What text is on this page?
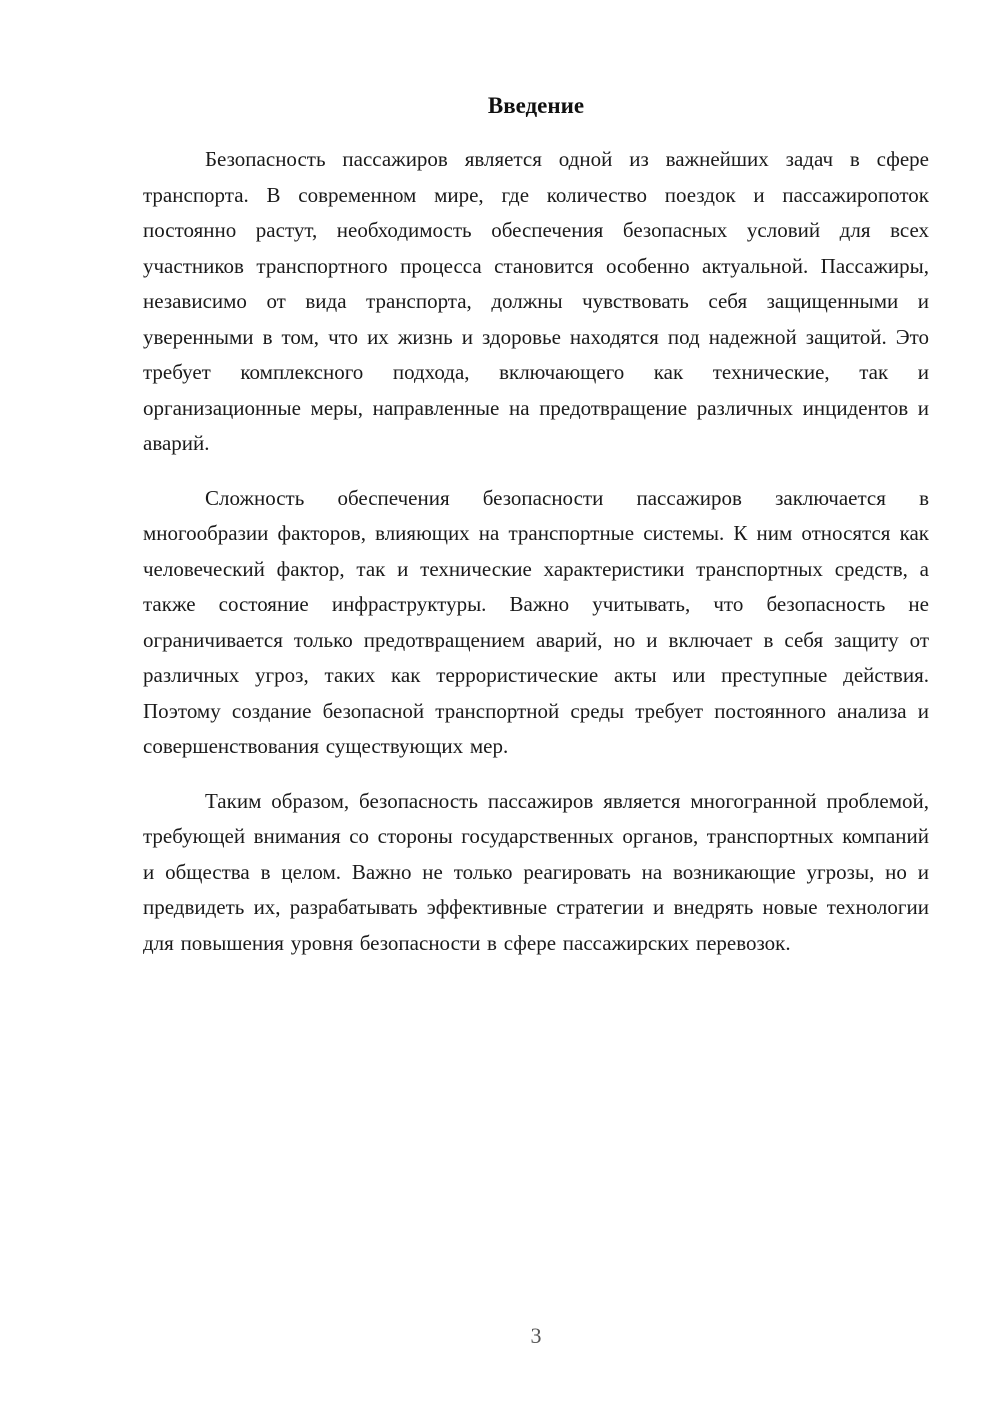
Введение

Безопасность пассажиров является одной из важнейших задач в сфере транспорта. В современном мире, где количество поездок и пассажиропоток постоянно растут, необходимость обеспечения безопасных условий для всех участников транспортного процесса становится особенно актуальной. Пассажиры, независимо от вида транспорта, должны чувствовать себя защищенными и уверенными в том, что их жизнь и здоровье находятся под надежной защитой. Это требует комплексного подхода, включающего как технические, так и организационные меры, направленные на предотвращение различных инцидентов и аварий.

Сложность обеспечения безопасности пассажиров заключается в многообразии факторов, влияющих на транспортные системы. К ним относятся как человеческий фактор, так и технические характеристики транспортных средств, а также состояние инфраструктуры. Важно учитывать, что безопасность не ограничивается только предотвращением аварий, но и включает в себя защиту от различных угроз, таких как террористические акты или преступные действия. Поэтому создание безопасной транспортной среды требует постоянного анализа и совершенствования существующих мер.

Таким образом, безопасность пассажиров является многогранной проблемой, требующей внимания со стороны государственных органов, транспортных компаний и общества в целом. Важно не только реагировать на возникающие угрозы, но и предвидеть их, разрабатывать эффективные стратегии и внедрять новые технологии для повышения уровня безопасности в сфере пассажирских перевозок.

3
